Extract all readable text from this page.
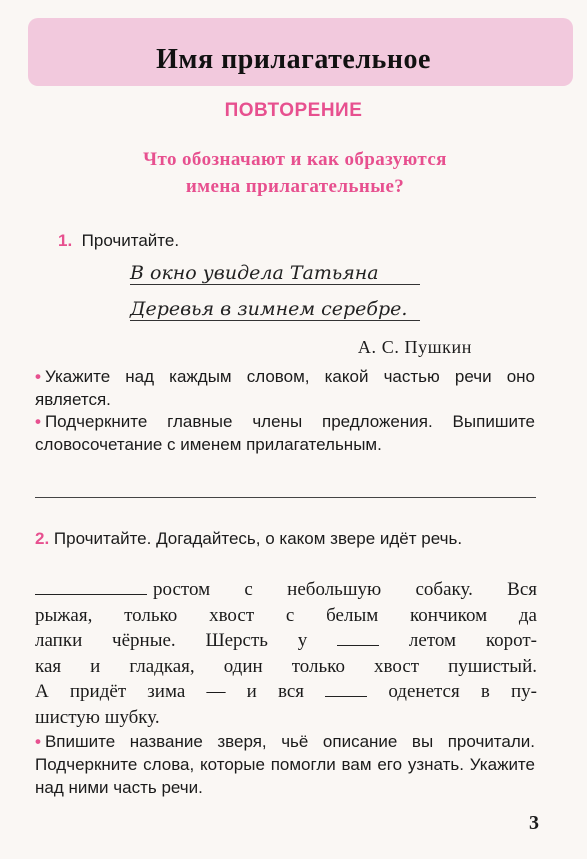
Имя прилагательное
ПОВТОРЕНИЕ
Что обозначают и как образуются
имена прилагательные?
1. Прочитайте.
В окно увидела Татьяна
Деревья в зимнем серебре.
А. С. Пушкин
• Укажите над каждым словом, какой частью речи оно является.
• Подчеркните главные члены предложения. Выпишите словосочетание с именем прилагательным.
2. Прочитайте. Догадайтесь, о каком звере идёт речь.
ростом с небольшую собаку. Вся
рыжая, только хвост с белым кончиком да
лапки чёрные. Шерсть у	летом корот-
кая и гладкая, один только хвост пушистый.
А придёт зима — и вся	оденется в пу-
шистую шубку.
• Впишите название зверя, чьё описание вы прочитали. Подчеркните слова, которые помогли вам его узнать. Укажите над ними часть речи.
3
